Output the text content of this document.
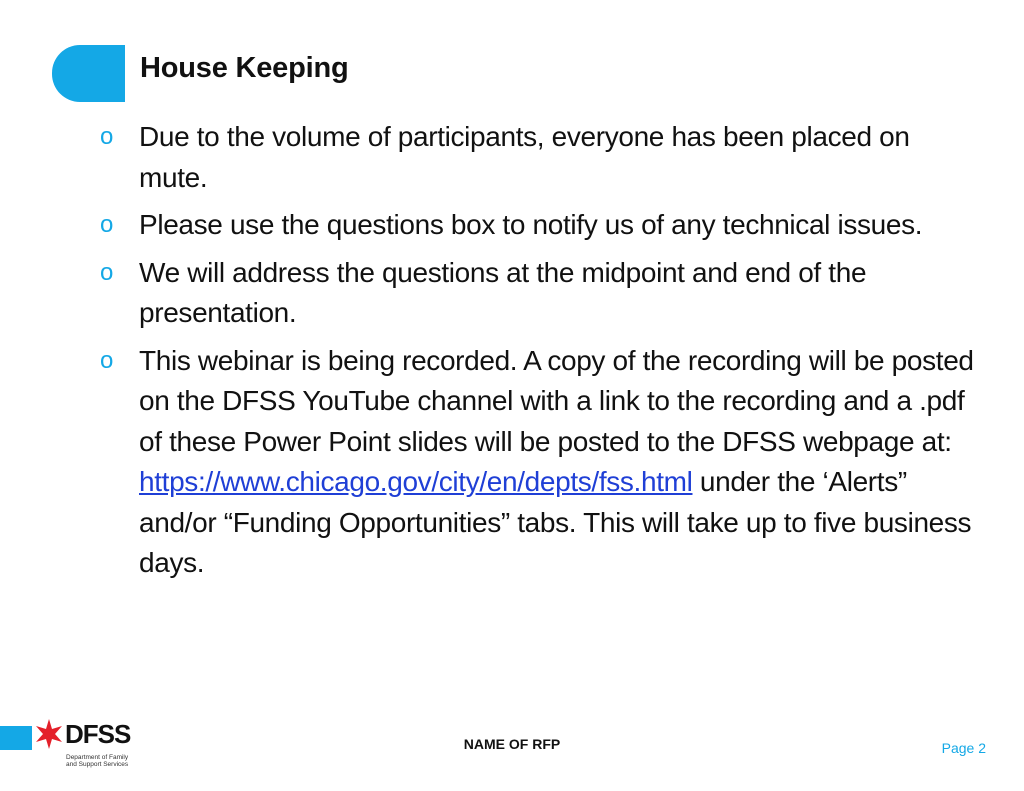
House Keeping
o Due to the volume of participants, everyone has been placed on mute.
o Please use the questions box to notify us of any technical issues.
o We will address the questions at the midpoint and end of the presentation.
o This webinar is being recorded. A copy of the recording will be posted on the DFSS YouTube channel with a link to the recording and a .pdf of these Power Point slides will be posted to the DFSS webpage at: https://www.chicago.gov/city/en/depts/fss.html under the ‘Alerts” and/or “Funding Opportunities” tabs. This will take up to five business days.
DFSS
Department of Family and Support Services
NAME OF RFP	Page 2
